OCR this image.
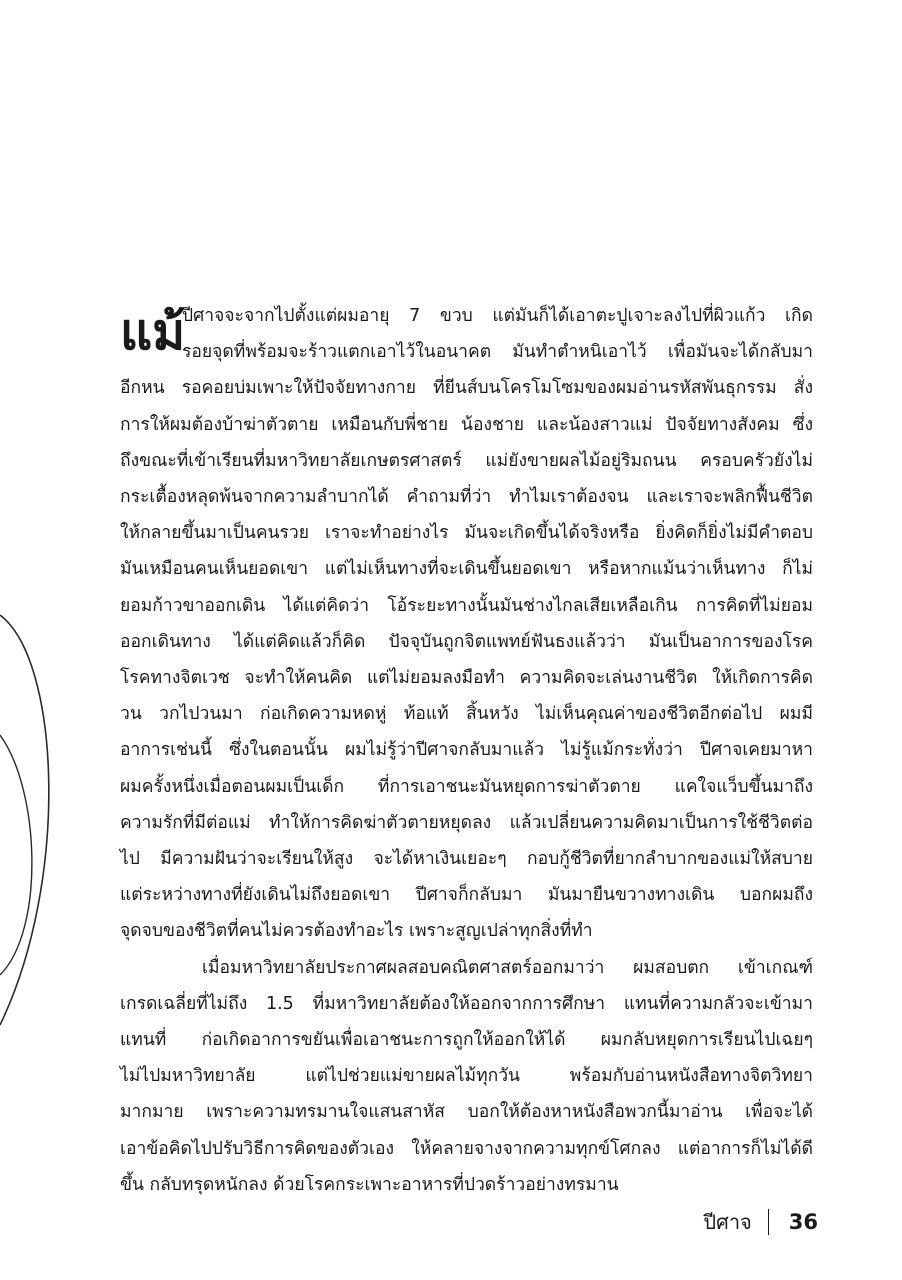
แม้
ปีศาจจะจากไปตั้งแต่ผมอายุ 7 ขวบ แต่มันก็ได้เอาตะปูเจาะลงไปที่ผิวแก้ว เกิด
รอยจุดที่พร้อมจะร้าวแตกเอาไว้ในอนาคต มันทำตำหนิเอาไว้ เพื่อมันจะได้กลับมา
อีกหน รอคอยบ่มเพาะให้ปัจจัยทางกาย ที่ยีนส์บนโครโมโซมของผมอ่านรหัสพันธุกรรม สั่ง
การให้ผมต้องบ้าฆ่าตัวตาย เหมือนกับพี่ชาย น้องชาย และน้องสาวแม่ ปัจจัยทางสังคม ซึ่ง
ถึงขณะที่เข้าเรียนที่มหาวิทยาลัยเกษตรศาสตร์ แม่ยังขายผลไม้อยู่ริมถนน ครอบครัวยังไม่
กระเตื้องหลุดพ้นจากความลำบากได้ คำถามที่ว่า ทำไมเราต้องจน และเราจะพลิกฟื้นชีวิต
ให้กลายขึ้นมาเป็นคนรวย เราจะทำอย่างไร มันจะเกิดขึ้นได้จริงหรือ ยิ่งคิดก็ยิ่งไม่มีคำตอบ
มันเหมือนคนเห็นยอดเขา แต่ไม่เห็นทางที่จะเดินขึ้นยอดเขา หรือหากแม้นว่าเห็นทาง ก็ไม่
ยอมก้าวขาออกเดิน ได้แต่คิดว่า โอ้ระยะทางนั้นมันช่างไกลเสียเหลือเกิน การคิดที่ไม่ยอม
ออกเดินทาง ได้แต่คิดแล้วก็คิด ปัจจุบันถูกจิตแพทย์ฟันธงแล้วว่า มันเป็นอาการของโรค
โรคทางจิตเวช จะทำให้คนคิด แต่ไม่ยอมลงมือทำ ความคิดจะเล่นงานชีวิต ให้เกิดการคิด
วน วกไปวนมา ก่อเกิดความหดหู่ ท้อแท้ สิ้นหวัง ไม่เห็นคุณค่าของชีวิตอีกต่อไป ผมมี
อาการเช่นนี้ ซึ่งในตอนนั้น ผมไม่รู้ว่าปีศาจกลับมาแล้ว ไม่รู้แม้กระทั่งว่า ปีศาจเคยมาหา
ผมครั้งหนึ่งเมื่อตอนผมเป็นเด็ก ที่การเอาชนะมันหยุดการฆ่าตัวตาย แคใจแว็บขึ้นมาถึง
ความรักที่มีต่อแม่ ทำให้การคิดฆ่าตัวตายหยุดลง แล้วเปลี่ยนความคิดมาเป็นการใช้ชีวิตต่อ
ไป มีความฝันว่าจะเรียนให้สูง จะได้หาเงินเยอะๆ กอบกู้ชีวิตที่ยากลำบากของแม่ให้สบาย
แต่ระหว่างทางที่ยังเดินไม่ถึงยอดเขา ปีศาจก็กลับมา มันมายืนขวางทางเดิน บอกผมถึง
จุดจบของชีวิตที่คนไม่ควรต้องทำอะไร เพราะสูญเปล่าทุกสิ่งที่ทำ
เมื่อมหาวิทยาลัยประกาศผลสอบคณิตศาสตร์ออกมาว่า ผมสอบตก เข้าเกณฑ์
เกรดเฉลี่ยที่ไม่ถึง 1.5 ที่มหาวิทยาลัยต้องให้ออกจากการศึกษา แทนที่ความกลัวจะเข้ามา
แทนที่ ก่อเกิดอาการขยันเพื่อเอาชนะการถูกให้ออกให้ได้ ผมกลับหยุดการเรียนไปเฉยๆ
ไม่ไปมหาวิทยาลัย แต่ไปช่วยแม่ขายผลไม้ทุกวัน พร้อมกับอ่านหนังสือทางจิตวิทยา
มากมาย เพราะความทรมานใจแสนสาหัส บอกให้ต้องหาหนังสือพวกนี้มาอ่าน เพื่อจะได้
เอาข้อคิดไปปรับวิธีการคิดของตัวเอง ให้คลายจางจากความทุกข์โศกลง แต่อาการก็ไม่ได้ดี
ขึ้น กลับทรุดหนักลง ด้วยโรคกระเพาะอาหารที่ปวดร้าวอย่างทรมาน
ปีศาจ 36
